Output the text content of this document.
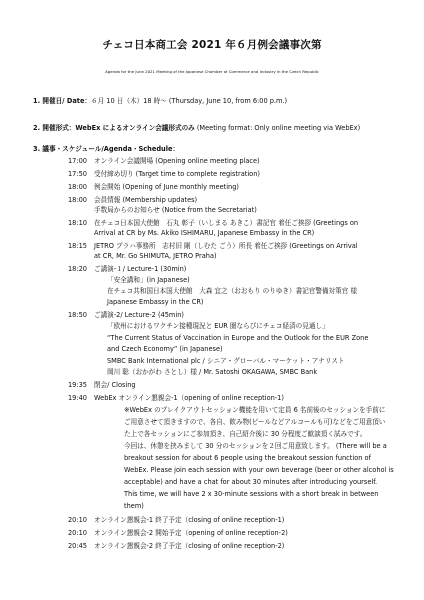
チェコ日本商工会 2021 年６月例会議事次第
Agenda for the June 2021 Meeting of the Japanese Chamber of Commerce and Industry in the Czech Republic
1. 開催日/ Date：６月 10 日（木）18 時～ (Thursday, June 10, from 6:00 p.m.)
2. 開催形式：WebEx によるオンライン会議形式のみ (Meeting format: Only online meeting via WebEx)
3. 議事・スケジュール/Agenda・Schedule：
17:00 オンライン会議開場 (Opening online meeting place)
17:50 受付締め切り (Target time to complete registration)
18:00 例会開始 (Opening of June monthly meeting)
18:00 会員情報 (Membership updates)
手数局からのお知らせ (Notice from the Secretariat)
18:10 在チェコ日本国大使館　石丸 彰子（いしまる あきこ）書記官 着任ご挨拶 (Greetings on
Arrival at CR by Ms. Akiko ISHIMARU, Japanese Embassy in the CR)
18:15 JETRO プラハ事務所　志村旧 剛（しむた ごう）所長 着任ご挨拶 (Greetings on Arrival
at CR, Mr. Go SHIMUTA, JETRO Praha)
18:20 ご講演-１/ Lecture-1 (30min)
「安全講和」(in Japanese)
在チェコ共和国日本国大使館　大森 宜之（おおもり のりゆき）書記官警備対策官 様
Japanese Embassy in the CR)
18:50 ご講演-2/ Lecture-2 (45min)
「欧州におけるワクチン接種現況と EUR 圏ならびにチェコ経済の見通し」
“The Current Status of Vaccination in Europe and the Outlook for the EUR Zone
and Czech Economy” (in Japanese)
SMBC Bank International plc / シニア・グローバル・マーケット・アナリスト
岡川 聡（おかがわ さとし）様 / Mr. Satoshi OKAGAWA, SMBC Bank
19:35 閉会/ Closing
19:40 WebEx オンライン懇親会-1（opening of online reception-1)
※WebEx のブレイクアウトセッション機能を用いて定員 6 名前後のセッションを手前に
ご用意させて頂きますので、各自、飲み物(ビールなどアルコールも可)などをご用意頂い
た上で各セッションにご参加頂き、自己紹介後に 30 分程度ご歓談頂く試みです。
今回は、休憩を挟みまして 30 分のセッションを２回ご用意致します。 (There will be a
breakout session for about 6 people using the breakout session function of
WebEx. Please join each session with your own beverage (beer or other alcohol is
acceptable) and have a chat for about 30 minutes after introducing yourself.
This time, we will have 2 x 30-minute sessions with a short break in between
them)
20:10 オンライン懇親会-1 終了予定（closing of online reception-1)
20:10 オンライン懇親会-2 開始予定（opening of online reception-2)
20:45 オンライン懇親会-2 終了予定（closing of online reception-2)
